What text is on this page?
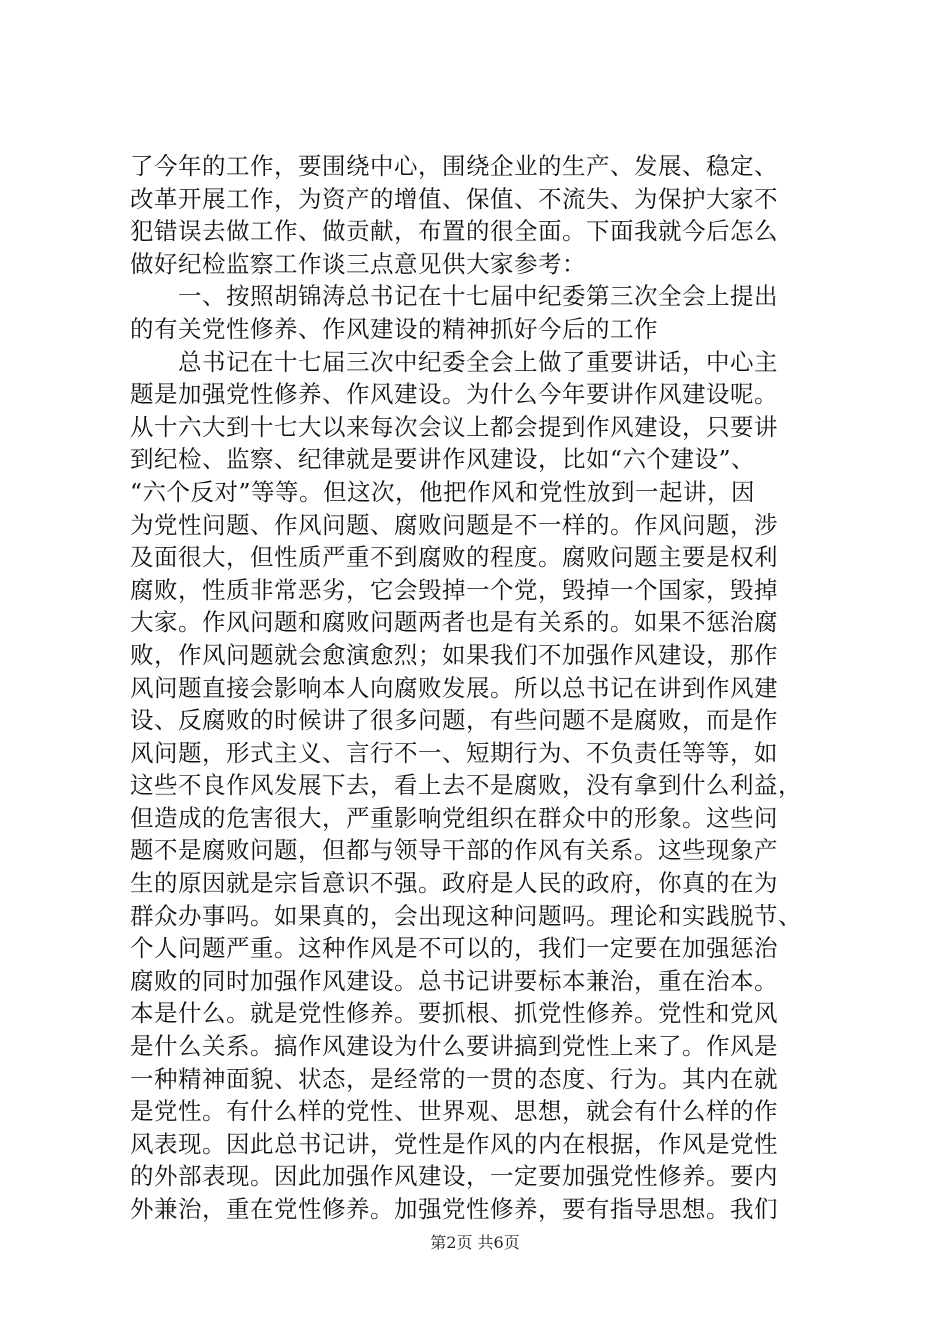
了今年的工作，要围绕中心，围绕企业的生产、发展、稳定、
改革开展工作，为资产的增值、保值、不流失、为保护大家不
犯错误去做工作、做贡献，布置的很全面。下面我就今后怎么
做好纪检监察工作谈三点意见供大家参考：
　　一、按照胡锦涛总书记在十七届中纪委第三次全会上提出
的有关党性修养、作风建设的精神抓好今后的工作
　　总书记在十七届三次中纪委全会上做了重要讲话，中心主
题是加强党性修养、作风建设。为什么今年要讲作风建设呢。
从十六大到十七大以来每次会议上都会提到作风建设，只要讲
到纪检、监察、纪律就是要讲作风建设，比如“六个建设”、
“六个反对”等等。但这次，他把作风和党性放到一起讲，因
为党性问题、作风问题、腐败问题是不一样的。作风问题，涉
及面很大，但性质严重不到腐败的程度。腐败问题主要是权利
腐败，性质非常恶劣，它会毁掉一个党，毁掉一个国家，毁掉
大家。作风问题和腐败问题两者也是有关系的。如果不惩治腐
败，作风问题就会愈演愈烈；如果我们不加强作风建设，那作
风问题直接会影响本人向腐败发展。所以总书记在讲到作风建
设、反腐败的时候讲了很多问题，有些问题不是腐败，而是作
风问题，形式主义、言行不一、短期行为、不负责任等等，如
这些不良作风发展下去，看上去不是腐败，没有拿到什么利益，
但造成的危害很大，严重影响党组织在群众中的形象。这些问
题不是腐败问题，但都与领导干部的作风有关系。这些现象产
生的原因就是宗旨意识不强。政府是人民的政府，你真的在为
群众办事吗。如果真的，会出现这种问题吗。理论和实践脱节、
个人问题严重。这种作风是不可以的，我们一定要在加强惩治
腐败的同时加强作风建设。总书记讲要标本兼治，重在治本。
本是什么。就是党性修养。要抓根、抓党性修养。党性和党风
是什么关系。搞作风建设为什么要讲搞到党性上来了。作风是
一种精神面貌、状态，是经常的一贯的态度、行为。其内在就
是党性。有什么样的党性、世界观、思想，就会有什么样的作
风表现。因此总书记讲，党性是作风的内在根据，作风是党性
的外部表现。因此加强作风建设，一定要加强党性修养。要内
外兼治，重在党性修养。加强党性修养，要有指导思想。我们
第2页 共6页
